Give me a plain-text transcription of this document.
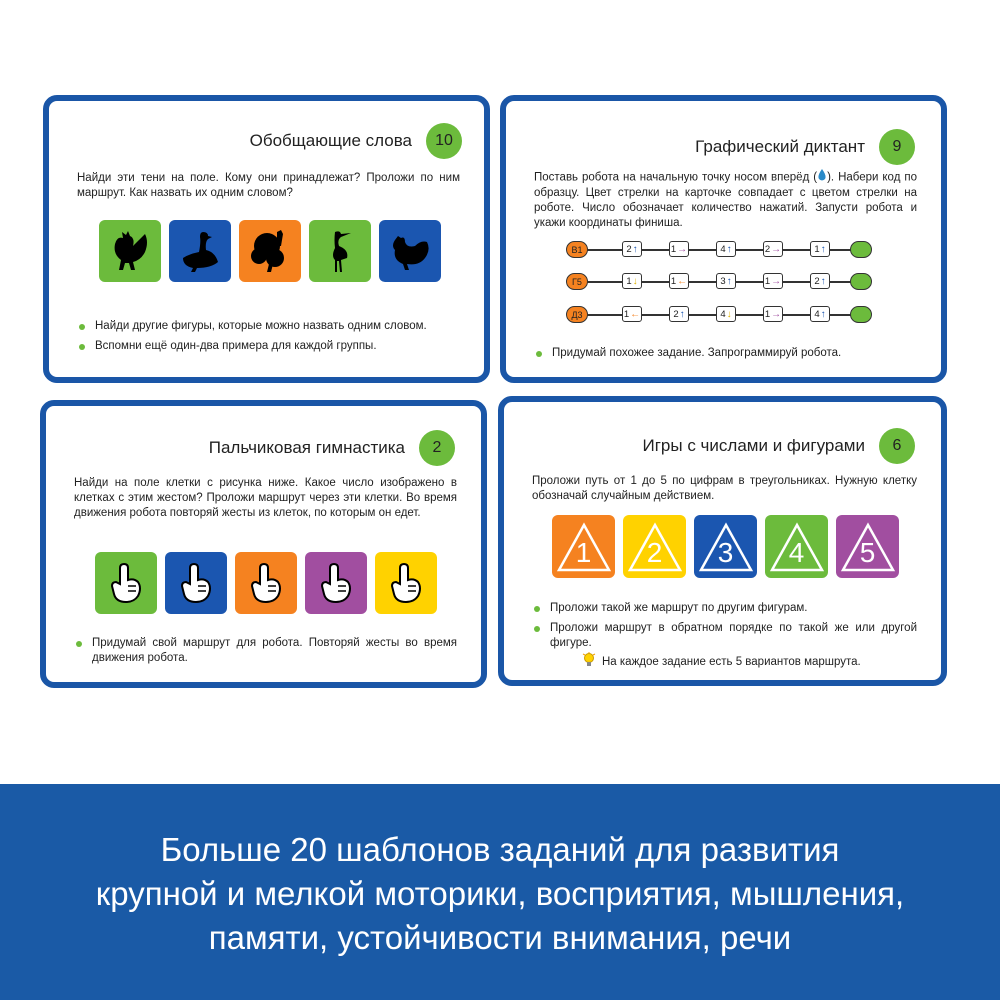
Обобщающие слова	10
Найди эти тени на поле. Кому они принадлежат? Проложи по ним маршрут. Как назвать их одним словом?
Найди другие фигуры, которые можно назвать одним словом.
Вспомни ещё один-два примера для каждой группы.
Графический диктант	9
Поставь робота на начальную точку носом вперёд ( ). Набери код по образцу. Цвет стрелки на карточке совпадает с цветом стрелки на роботе. Число обозначает количество нажатий. Запусти робота и укажи координаты финиша.
В1	2 ↑	1 →	4 ↑	2 →	1 ↑
Г5	1 ↓	1 ←	3 ↑	1 →	2 ↑
Д3	1 ←	2 ↑	4 ↓	1 →	4 ↑
Придумай похожее задание. Запрограммируй робота.
Пальчиковая гимнастика	2
Найди на поле клетки с рисунка ниже. Какое число изображено в клетках с этим жестом? Проложи маршрут через эти клетки. Во время движения робота повторяй жесты из клеток, по которым он едет.
Придумай свой маршрут для робота. Повторяй жесты во время движения робота.
Игры с числами и фигурами	6
Проложи путь от 1 до 5 по цифрам в треугольниках. Нужную клетку обозначай случайным действием.
1	2	3	4	5
Проложи такой же маршрут по другим фигурам.
Проложи маршрут в обратном порядке по такой же или другой фигуре.
На каждое задание есть 5 вариантов маршрута.
Больше 20 шаблонов заданий для развития
крупной и мелкой моторики, восприятия, мышления,
памяти, устойчивости внимания, речи
